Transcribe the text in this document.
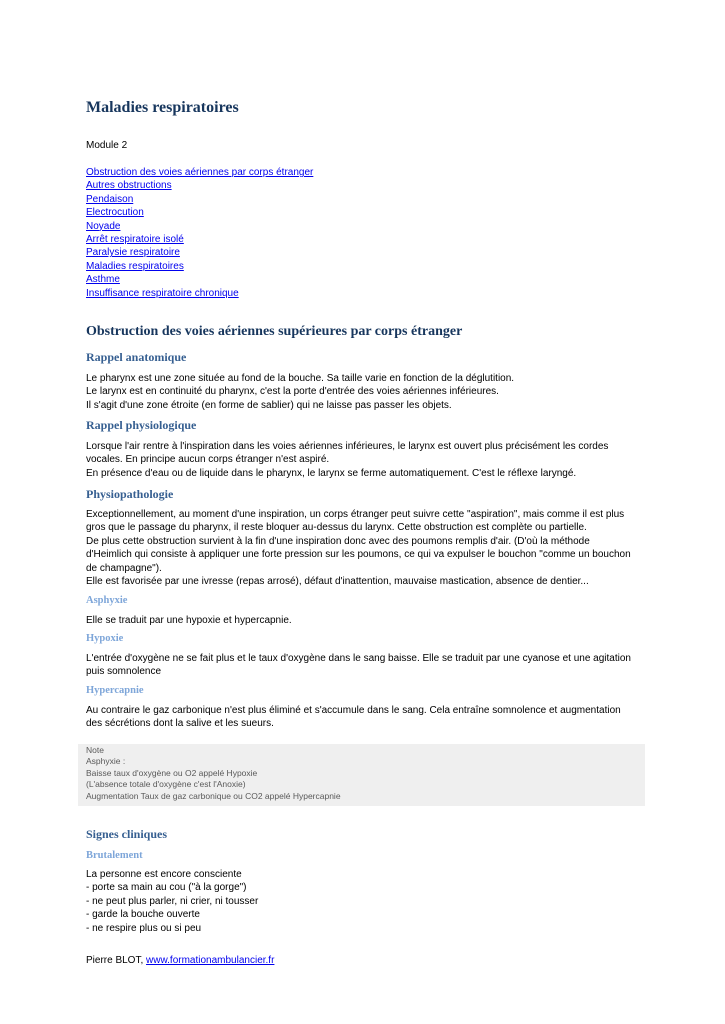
Maladies respiratoires

Module 2

Obstruction des voies aériennes par corps étranger
Autres obstructions
Pendaison
Electrocution
Noyade
Arrêt respiratoire isolé
Paralysie respiratoire
Maladies respiratoires
Asthme
Insuffisance respiratoire chronique
Obstruction des voies aériennes supérieures par corps étranger
Rappel anatomique
Le pharynx est une zone située au fond de la bouche. Sa taille varie en fonction de la déglutition.
Le larynx est en continuité du pharynx, c'est la porte d'entrée des voies aériennes inférieures.
Il s'agit d'une zone étroite (en forme de sablier) qui ne laisse pas passer les objets.
Rappel physiologique
Lorsque l'air rentre à l'inspiration dans les voies aériennes inférieures, le larynx est ouvert plus précisément les cordes
vocales. En principe aucun corps étranger n'est aspiré.
En présence d'eau ou de liquide dans le pharynx, le larynx se ferme automatiquement. C'est le réflexe laryngé.
Physiopathologie
Exceptionnellement, au moment d'une inspiration, un corps étranger peut suivre cette "aspiration", mais comme il est plus
gros que le passage du pharynx, il reste bloquer au-dessus du larynx. Cette obstruction est complète ou partielle.
De plus cette obstruction survient à la fin d'une inspiration donc avec des poumons remplis d'air. (D'où la méthode
d'Heimlich qui consiste à appliquer une forte pression sur les poumons, ce qui va expulser le bouchon "comme un bouchon
de champagne").
Elle est favorisée par une ivresse (repas arrosé), défaut d'inattention, mauvaise mastication, absence de dentier...
Asphyxie
Elle se traduit par une hypoxie et hypercapnie.
Hypoxie
L'entrée d'oxygène ne se fait plus et le taux d'oxygène dans le sang baisse. Elle se traduit par une cyanose et une agitation
puis somnolence
Hypercapnie
Au contraire le gaz carbonique n'est plus éliminé et s'accumule dans le sang. Cela entraîne somnolence et augmentation
des sécrétions dont la salive et les sueurs.
Note
Asphyxie :
Baisse taux d'oxygène ou O2 appelé Hypoxie
(L'absence totale d'oxygène c'est l'Anoxie)
Augmentation Taux de gaz carbonique ou CO2 appelé Hypercapnie
Signes cliniques
Brutalement
La personne est encore consciente
- porte sa main au cou ("à la gorge")
- ne peut plus parler, ni crier, ni tousser
- garde la bouche ouverte
- ne respire plus ou si peu

Pierre BLOT, www.formationambulancier.fr
